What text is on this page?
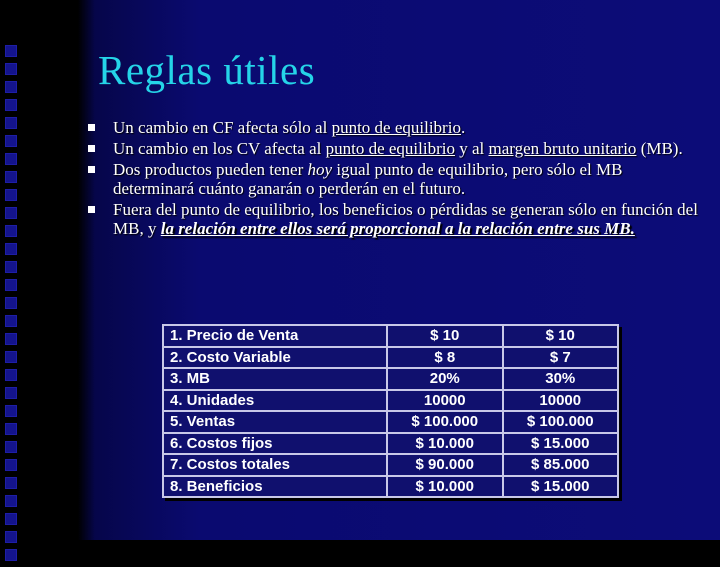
Reglas útiles
Un cambio en CF afecta sólo al punto de equilibrio.
Un cambio en los CV afecta al punto de equilibrio y al margen bruto unitario (MB).
Dos productos pueden tener hoy igual punto de equilibrio, pero sólo el MB determinará cuánto ganarán o perderán en el futuro.
Fuera del punto de equilibrio, los beneficios o pérdidas se generan sólo en función del MB, y la relación entre ellos será proporcional a la relación entre sus MB.
1. Precio de Venta	$ 10	$ 10
2. Costo Variable	$ 8	$ 7
3. MB	20%	30%
4. Unidades	10000	10000
5. Ventas	$ 100.000	$ 100.000
6. Costos fijos	$ 10.000	$ 15.000
7. Costos totales	$ 90.000	$ 85.000
8. Beneficios	$ 10.000	$ 15.000
